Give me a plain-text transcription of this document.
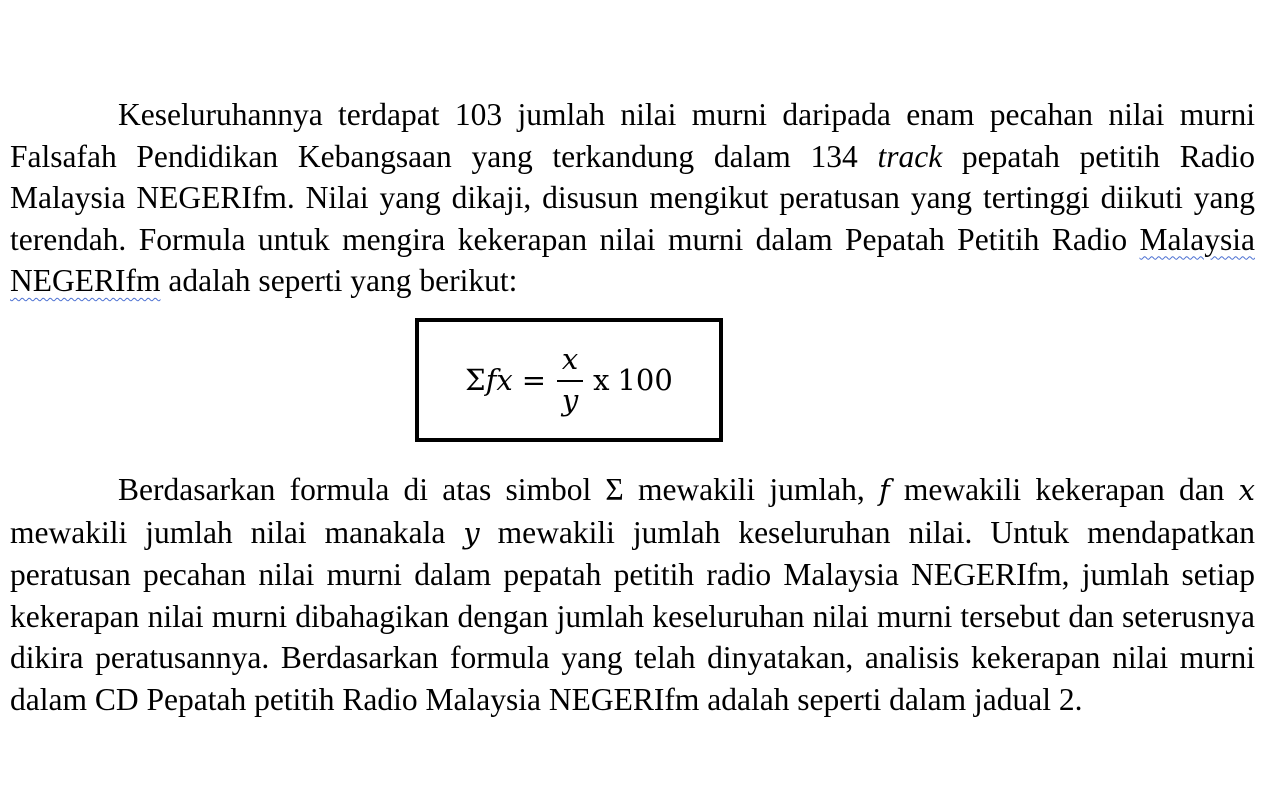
Keseluruhannya terdapat 103 jumlah nilai murni daripada enam pecahan nilai murni Falsafah Pendidikan Kebangsaan yang terkandung dalam 134 track pepatah petitih Radio Malaysia NEGERIfm. Nilai yang dikaji, disusun mengikut peratusan yang tertinggi diikuti yang terendah. Formula untuk mengira kekerapan nilai murni dalam Pepatah Petitih Radio Malaysia NEGERIfm adalah seperti yang berikut:

Σ f $x = \frac{x}{y}$ x 100

Berdasarkan formula di atas simbol Σ mewakili jumlah, f mewakili kekerapan dan x mewakili jumlah nilai manakala y mewakili jumlah keseluruhan nilai. Untuk mendapatkan peratusan pecahan nilai murni dalam pepatah petitih radio Malaysia NEGERIfm, jumlah setiap kekerapan nilai murni dibahagikan dengan jumlah keseluruhan nilai murni tersebut dan seterusnya dikira peratusannya. Berdasarkan formula yang telah dinyatakan, analisis kekerapan nilai murni dalam CD Pepatah petitih Radio Malaysia NEGERIfm adalah seperti dalam jadual 2.
